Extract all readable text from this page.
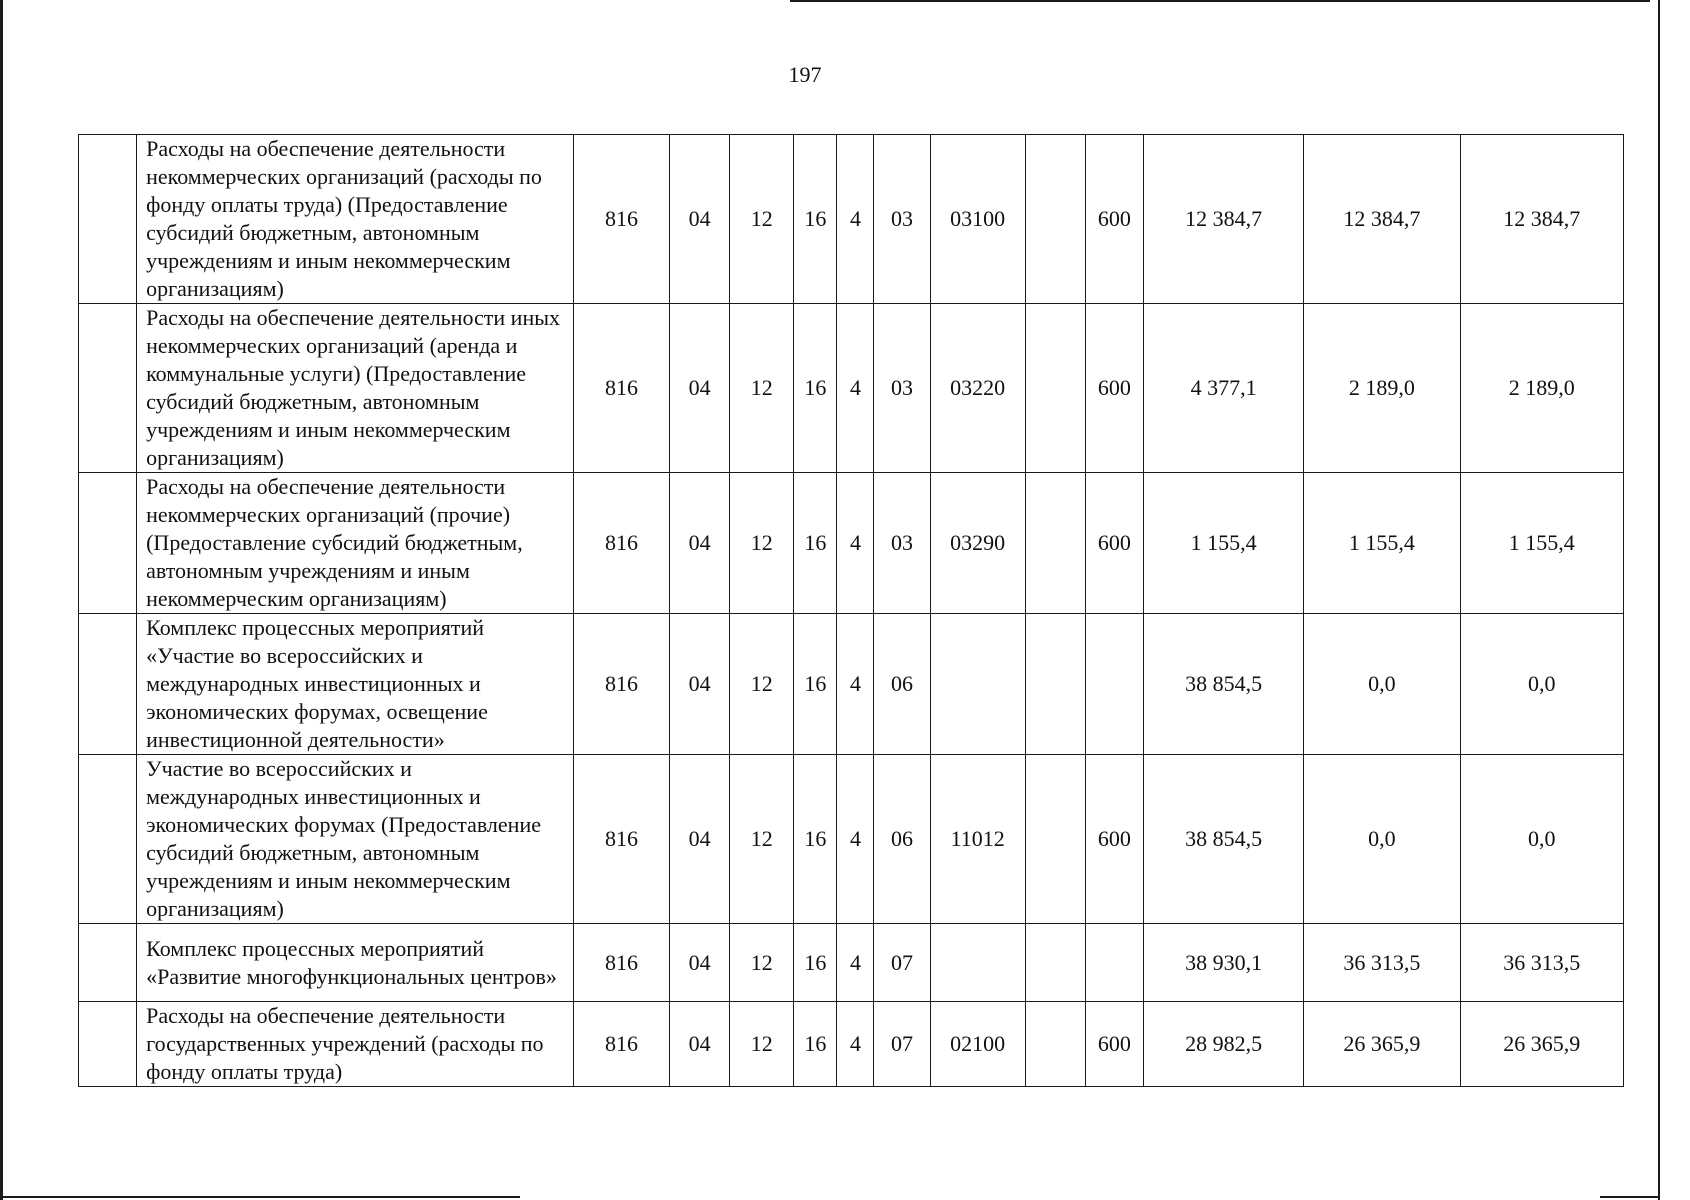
197
	Расходы на обеспечение деятельности некоммерческих организаций (расходы по фонду оплаты труда) (Предоставление субсидий бюджетным, автономным учреждениям и иным некоммерческим организациям)	816	04	12	16	4	03	03100		600	12 384,7	12 384,7	12 384,7
	Расходы на обеспечение деятельности иных некоммерческих организаций (аренда и коммунальные услуги) (Предоставление субсидий бюджетным, автономным учреждениям и иным некоммерческим организациям)	816	04	12	16	4	03	03220		600	4 377,1	2 189,0	2 189,0
	Расходы на обеспечение деятельности некоммерческих организаций (прочие) (Предоставление субсидий бюджетным, автономным учреждениям и иным некоммерческим организациям)	816	04	12	16	4	03	03290		600	1 155,4	1 155,4	1 155,4
	Комплекс процессных мероприятий «Участие во всероссийских и международных инвестиционных и экономических форумах, освещение инвестиционной деятельности»	816	04	12	16	4	06				38 854,5	0,0	0,0
	Участие во всероссийских и международных инвестиционных и экономических форумах (Предоставление субсидий бюджетным, автономным учреждениям и иным некоммерческим организациям)	816	04	12	16	4	06	11012		600	38 854,5	0,0	0,0
	Комплекс процессных мероприятий «Развитие многофункциональных центров»	816	04	12	16	4	07				38 930,1	36 313,5	36 313,5
	Расходы на обеспечение деятельности государственных учреждений (расходы по фонду оплаты труда)	816	04	12	16	4	07	02100		600	28 982,5	26 365,9	26 365,9
